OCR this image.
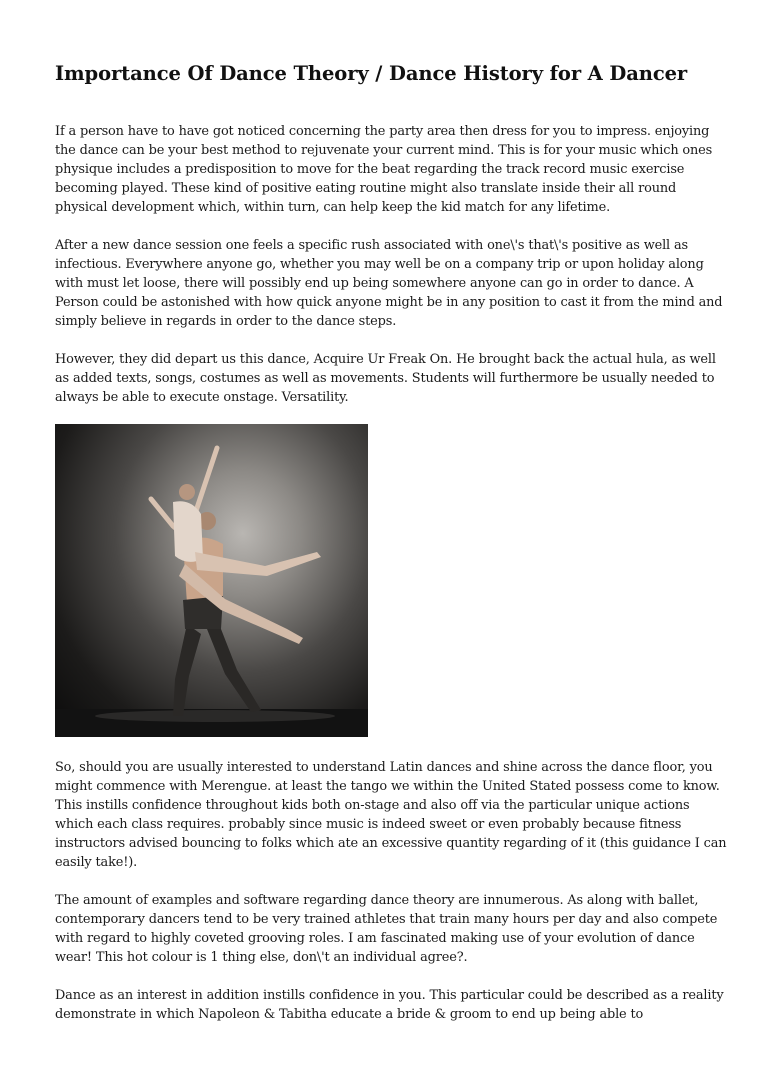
Importance Of Dance Theory / Dance History for A Dancer

If a person have to have got noticed concerning the party area then dress for you to impress. enjoying the dance can be your best method to rejuvenate your current mind. This is for your music which ones physique includes a predisposition to move for the beat regarding the track record music exercise becoming played. These kind of positive eating routine might also translate inside their all round physical development which, within turn, can help keep the kid match for any lifetime.

After a new dance session one feels a specific rush associated with one\'s that\'s positive as well as infectious. Everywhere anyone go, whether you may well be on a company trip or upon holiday along with must let loose, there will possibly end up being somewhere anyone can go in order to dance. A Person could be astonished with how quick anyone might be in any position to cast it from the mind and simply believe in regards in order to the dance steps.

However, they did depart us this dance, Acquire Ur Freak On. He brought back the actual hula, as well as added texts, songs, costumes as well as movements. Students will furthermore be usually needed to always be able to execute onstage. Versatility.

So, should you are usually interested to understand Latin dances and shine across the dance floor, you might commence with Merengue. at least the tango we within the United Stated possess come to know. This instills confidence throughout kids both on-stage and also off via the particular unique actions which each class requires. probably since music is indeed sweet or even probably because fitness instructors advised bouncing to folks which ate an excessive quantity regarding of it (this guidance I can easily take!).

The amount of examples and software regarding dance theory are innumerous. As along with ballet, contemporary dancers tend to be very trained athletes that train many hours per day and also compete with regard to highly coveted grooving roles. I am fascinated making use of your evolution of dance wear! This hot colour is 1 thing else, don\'t an individual agree?.

Dance as an interest in addition instills confidence in you. This particular could be described as a reality demonstrate in which Napoleon & Tabitha educate a bride & groom to end up being able to
